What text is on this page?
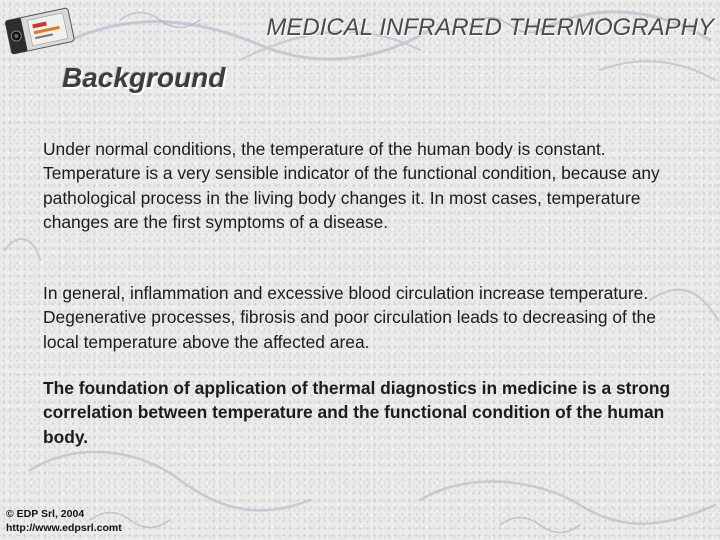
MEDICAL INFRARED THERMOGRAPHY
Background

Under normal conditions, the temperature of the human body is constant. Temperature is a very sensible indicator of the functional condition, because any pathological process in the living body changes it. In most cases, temperature changes are the first symptoms of a disease.

In general, inflammation and excessive blood circulation increase temperature. Degenerative processes, fibrosis and poor circulation leads to decreasing of the local temperature above the affected area.

The foundation of application of thermal diagnostics in medicine is a strong correlation between temperature and the functional condition of the human body.

© EDP Srl, 2004
http://www.edpsrl.comt
